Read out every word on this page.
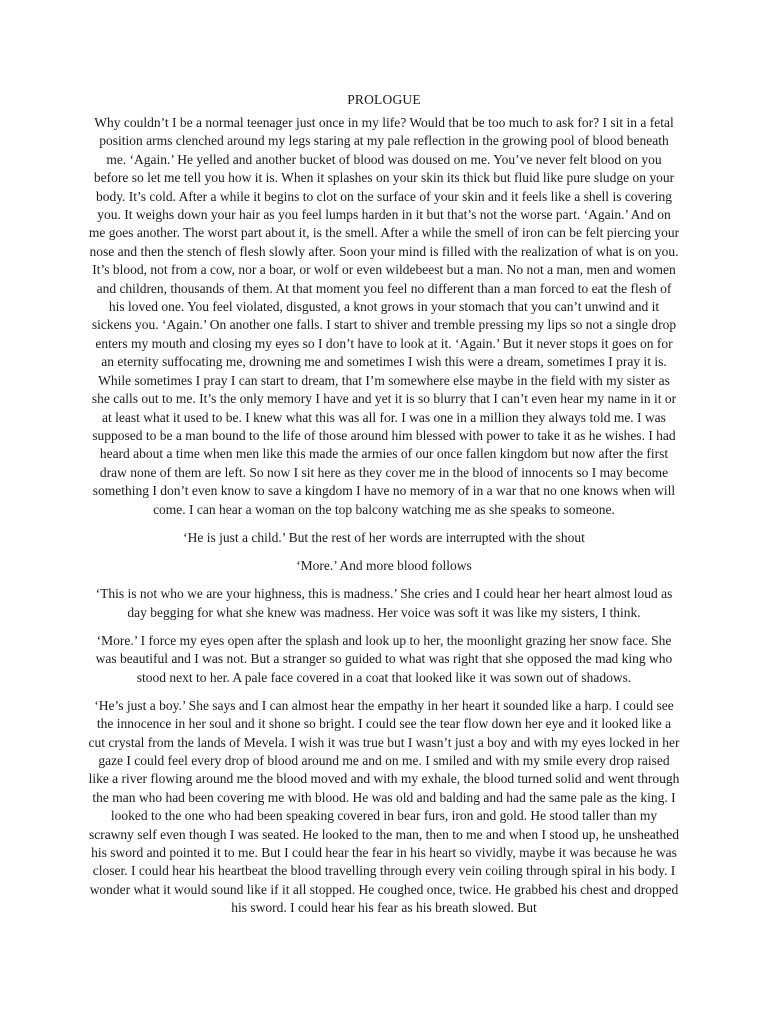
PROLOGUE

Why couldn’t I be a normal teenager just once in my life? Would that be too much to ask for? I sit in a fetal position arms clenched around my legs staring at my pale reflection in the growing pool of blood beneath me. ‘Again.’ He yelled and another bucket of blood was doused on me. You’ve never felt blood on you before so let me tell you how it is. When it splashes on your skin its thick but fluid like pure sludge on your body. It’s cold. After a while it begins to clot on the surface of your skin and it feels like a shell is covering you. It weighs down your hair as you feel lumps harden in it but that’s not the worse part. ‘Again.’ And on me goes another. The worst part about it, is the smell. After a while the smell of iron can be felt piercing your nose and then the stench of flesh slowly after. Soon your mind is filled with the realization of what is on you. It’s blood, not from a cow, nor a boar, or wolf or even wildebeest but a man. No not a man, men and women and children, thousands of them. At that moment you feel no different than a man forced to eat the flesh of his loved one. You feel violated, disgusted, a knot grows in your stomach that you can’t unwind and it sickens you. ‘Again.’ On another one falls. I start to shiver and tremble pressing my lips so not a single drop enters my mouth and closing my eyes so I don’t have to look at it. ‘Again.’ But it never stops it goes on for an eternity suffocating me, drowning me and sometimes I wish this were a dream, sometimes I pray it is. While sometimes I pray I can start to dream, that I’m somewhere else maybe in the field with my sister as she calls out to me. It’s the only memory I have and yet it is so blurry that I can’t even hear my name in it or at least what it used to be. I knew what this was all for. I was one in a million they always told me. I was supposed to be a man bound to the life of those around him blessed with power to take it as he wishes. I had heard about a time when men like this made the armies of our once fallen kingdom but now after the first draw none of them are left. So now I sit here as they cover me in the blood of innocents so I may become something I don’t even know to save a kingdom I have no memory of in a war that no one knows when will come. I can hear a woman on the top balcony watching me as she speaks to someone.

‘He is just a child.’ But the rest of her words are interrupted with the shout

‘More.’ And more blood follows

‘This is not who we are your highness, this is madness.’ She cries and I could hear her heart almost loud as day begging for what she knew was madness. Her voice was soft it was like my sisters, I think.

‘More.’ I force my eyes open after the splash and look up to her, the moonlight grazing her snow face. She was beautiful and I was not. But a stranger so guided to what was right that she opposed the mad king who stood next to her. A pale face covered in a coat that looked like it was sown out of shadows.

‘He’s just a boy.’ She says and I can almost hear the empathy in her heart it sounded like a harp. I could see the innocence in her soul and it shone so bright. I could see the tear flow down her eye and it looked like a cut crystal from the lands of Mevela. I wish it was true but I wasn’t just a boy and with my eyes locked in her gaze I could feel every drop of blood around me and on me. I smiled and with my smile every drop raised like a river flowing around me the blood moved and with my exhale, the blood turned solid and went through the man who had been covering me with blood. He was old and balding and had the same pale as the king. I looked to the one who had been speaking covered in bear furs, iron and gold. He stood taller than my scrawny self even though I was seated. He looked to the man, then to me and when I stood up, he unsheathed his sword and pointed it to me. But I could hear the fear in his heart so vividly, maybe it was because he was closer. I could hear his heartbeat the blood travelling through every vein coiling through spiral in his body. I wonder what it would sound like if it all stopped. He coughed once, twice. He grabbed his chest and dropped his sword. I could hear his fear as his breath slowed. But
